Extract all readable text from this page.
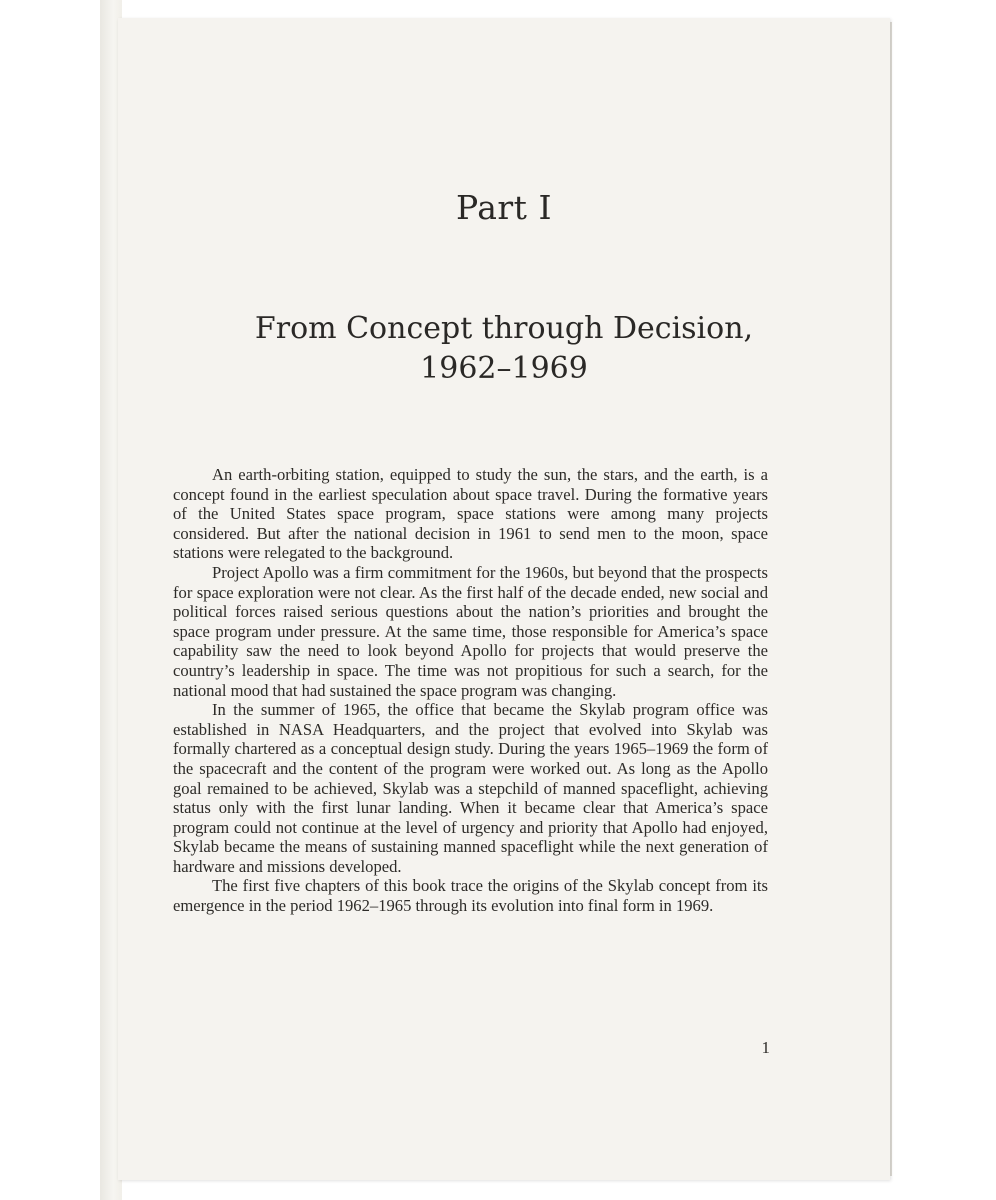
Part I
From Concept through Decision,
1962–1969

An earth-orbiting station, equipped to study the sun, the stars, and the earth, is a concept found in the earliest speculation about space travel. During the formative years of the United States space program, space stations were among many projects considered. But after the national decision in 1961 to send men to the moon, space stations were relegated to the background.

Project Apollo was a firm commitment for the 1960s, but beyond that the prospects for space exploration were not clear. As the first half of the decade ended, new social and political forces raised serious questions about the nation’s priorities and brought the space program under pressure. At the same time, those responsible for America’s space capability saw the need to look beyond Apollo for projects that would preserve the country’s leadership in space. The time was not propitious for such a search, for the national mood that had sustained the space program was changing.

In the summer of 1965, the office that became the Skylab program office was established in NASA Headquarters, and the project that evolved into Skylab was formally chartered as a conceptual design study. During the years 1965–1969 the form of the spacecraft and the content of the program were worked out. As long as the Apollo goal remained to be achieved, Skylab was a stepchild of manned spaceflight, achieving status only with the first lunar landing. When it became clear that America’s space program could not continue at the level of urgency and priority that Apollo had enjoyed, Skylab became the means of sustaining manned spaceflight while the next generation of hardware and missions developed.

The first five chapters of this book trace the origins of the Skylab concept from its emergence in the period 1962–1965 through its evolution into final form in 1969.

1
